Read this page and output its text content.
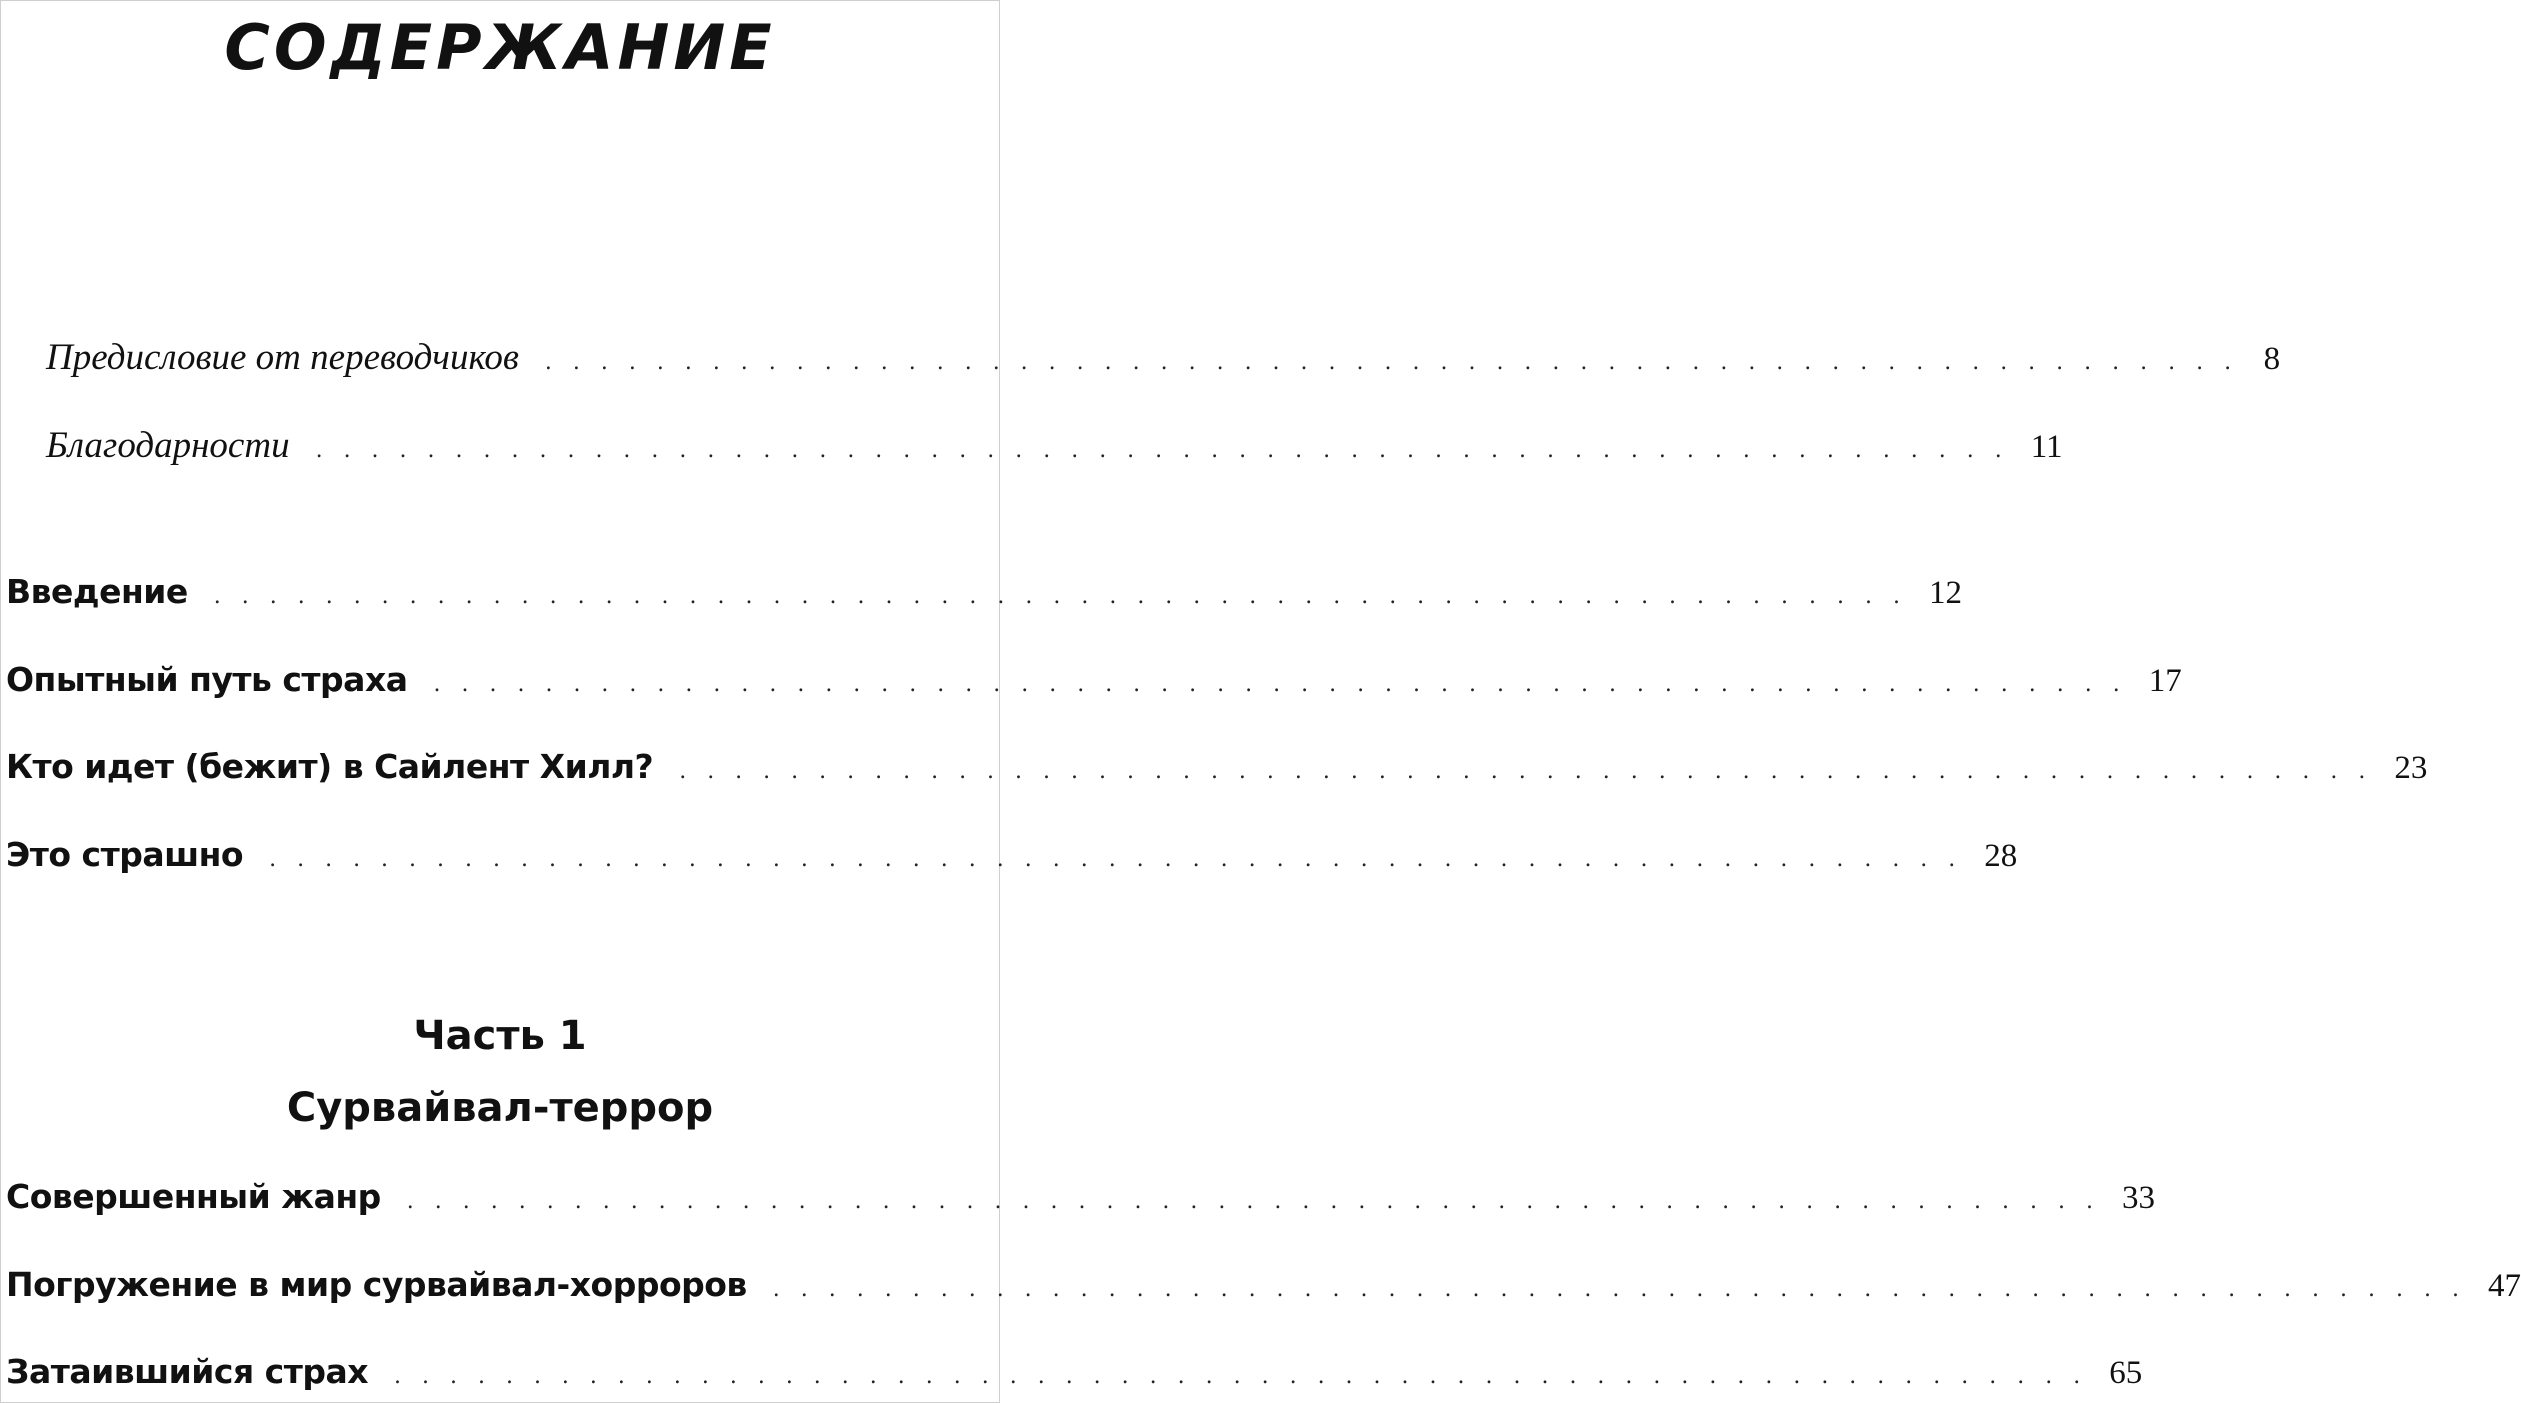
СОДЕРЖАНИЕ
Предисловие от переводчиков . . . . . . . . . . . . . . . . . . . . . . . . . . . . . . . . . . . . . . . . . . . . . . . . . . . . . . . . . . . . . 8
Благодарности . . . . . . . . . . . . . . . . . . . . . . . . . . . . . . . . . . . . . . . . . . . . . . . . . . . . . . . . . . . . . 11
Введение . . . . . . . . . . . . . . . . . . . . . . . . . . . . . . . . . . . . . . . . . . . . . . . . . . . . . . . . . . . . . 12
Опытный путь страха . . . . . . . . . . . . . . . . . . . . . . . . . . . . . . . . . . . . . . . . . . . . . . . . . . . . . . . . . . . . . 17
Кто идет (бежит) в Сайлент Хилл? . . . . . . . . . . . . . . . . . . . . . . . . . . . . . . . . . . . . . . . . . . . . . . . . . . . . . . . . . . . . . 23
Это страшно . . . . . . . . . . . . . . . . . . . . . . . . . . . . . . . . . . . . . . . . . . . . . . . . . . . . . . . . . . . . . 28
Часть 1
Сурвайвал-террор
Совершенный жанр . . . . . . . . . . . . . . . . . . . . . . . . . . . . . . . . . . . . . . . . . . . . . . . . . . . . . . . . . . . . . 33
Погружение в мир сурвайвал-хорроров . . . . . . . . . . . . . . . . . . . . . . . . . . . . . . . . . . . . . . . . . . . . . . . . . . . . . . . . . . . . . 47
Затаившийся страх . . . . . . . . . . . . . . . . . . . . . . . . . . . . . . . . . . . . . . . . . . . . . . . . . . . . . . . . . . . . . 65
